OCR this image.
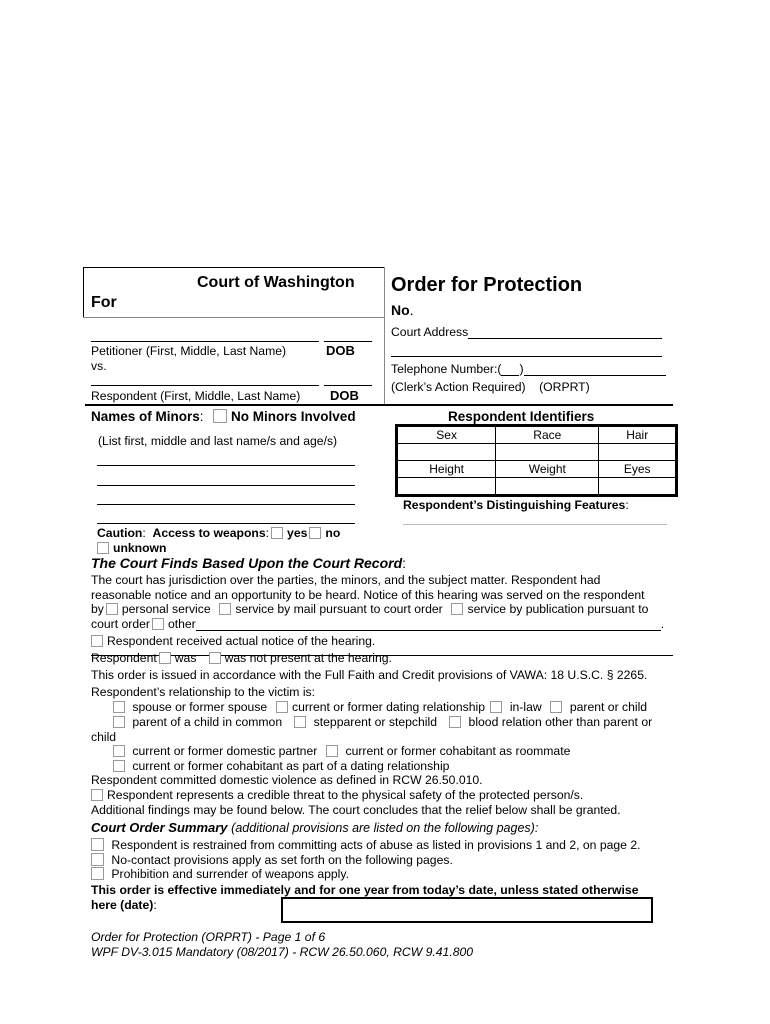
Court of Washington
For
Order for Protection
No.
Court Address
Telephone Number:( )
(Clerk’s Action Required) (ORPRT)
Petitioner (First, Middle, Last Name)	DOB
vs.
Respondent (First, Middle, Last Name) DOB
Names of Minors:  No Minors Involved
(List first, middle and last name/s and age/s)
Respondent Identifiers
Sex	Race	Hair

Height	Weight	Eyes

Respondent’s Distinguishing Features:
Caution:  Access to weapons: yes no
unknown
The Court Finds Based Upon the Court Record:
The court has jurisdiction over the parties, the minors, and the subject matter. Respondent had
reasonable notice and an opportunity to be heard. Notice of this hearing was served on the respondent
by personal service service by mail pursuant to court order service by publication pursuant to
court order other	.
Respondent received actual notice of the hearing.
Respondent was was not present at the hearing.
This order is issued in accordance with the Full Faith and Credit provisions of VAWA: 18 U.S.C. § 2265.
Respondent’s relationship to the victim is:
spouse or former spouse current or former dating relationship in-law parent or child
parent of a child in common	stepparent or stepchild	blood relation other than parent or
child
current or former domestic partner current or former cohabitant as roommate
current or former cohabitant as part of a dating relationship
Respondent committed domestic violence as defined in RCW 26.50.010.
Respondent represents a credible threat to the physical safety of the protected person/s.
Additional findings may be found below. The court concludes that the relief below shall be granted.
Court Order Summary (additional provisions are listed on the following pages):
Respondent is restrained from committing acts of abuse as listed in provisions 1 and 2, on page 2.
No-contact provisions apply as set forth on the following pages.
Prohibition and surrender of weapons apply.
This order is effective immediately and for one year from today’s date, unless stated otherwise
here (date):
Order for Protection (ORPRT) - Page 1 of 6
WPF DV-3.015 Mandatory (08/2017) - RCW 26.50.060, RCW 9.41.800
